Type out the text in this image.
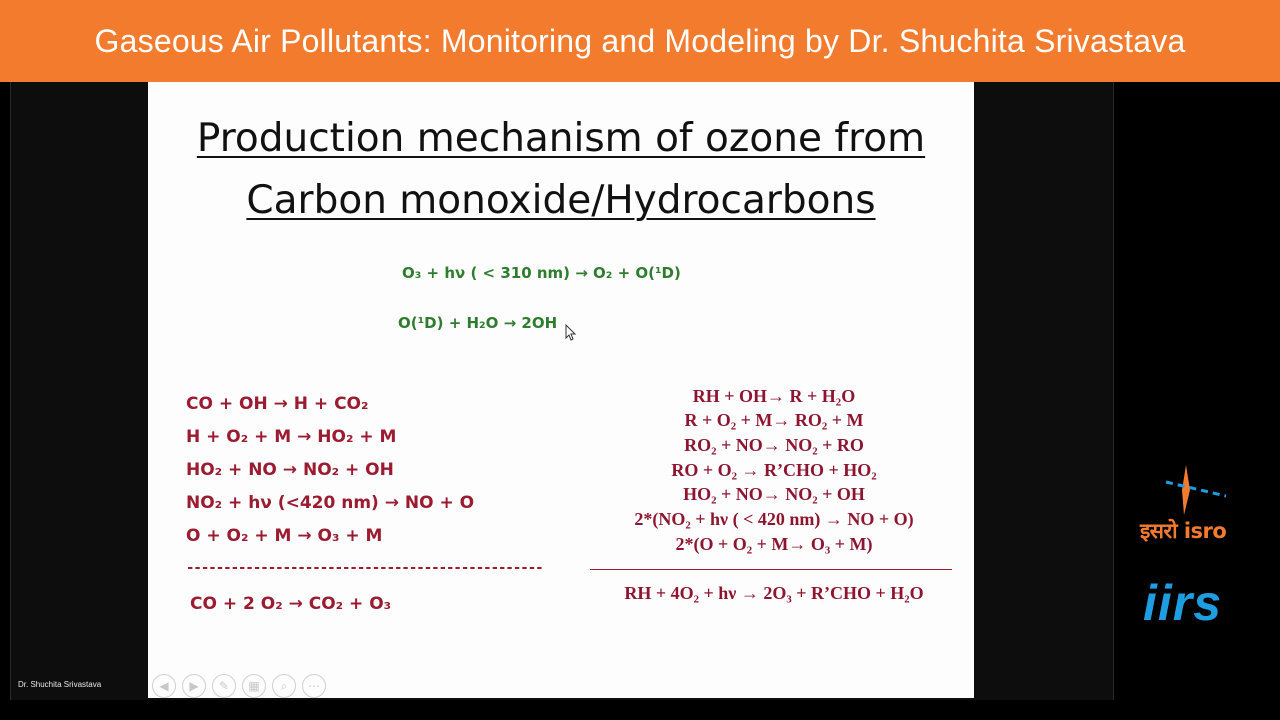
Gaseous Air Pollutants: Monitoring and Modeling by Dr. Shuchita Srivastava
Production mechanism of ozone from
Carbon monoxide/Hydrocarbons
O₃ + hν ( < 310 nm) → O₂ + O(¹D)
O(¹D) + H₂O → 2OH
CO + OH → H + CO₂
H + O₂ + M → HO₂ + M
HO₂ + NO → NO₂ + OH
NO₂ + hν (<420 nm) → NO + O
O + O₂ + M → O₃ + M
------------------------------------------------
CO + 2 O₂ → CO₂ + O₃
RH + OH→ R + H₂O
R + O₂ + M→ RO₂ + M
RO₂ + NO→ NO₂ + RO
RO + O₂ → R’CHO + HO₂
HO₂ + NO→ NO₂ + OH
2*(NO₂ + hν ( < 420 nm) → NO + O)
2*(O + O₂ + M→ O₃ + M)
RH + 4O₂ + hν → 2O₃ + R’CHO + H₂O
◀	▶	✎	▦	⌕	⋯
Dr. Shuchita Srivastava
इसरो isro
iirs
